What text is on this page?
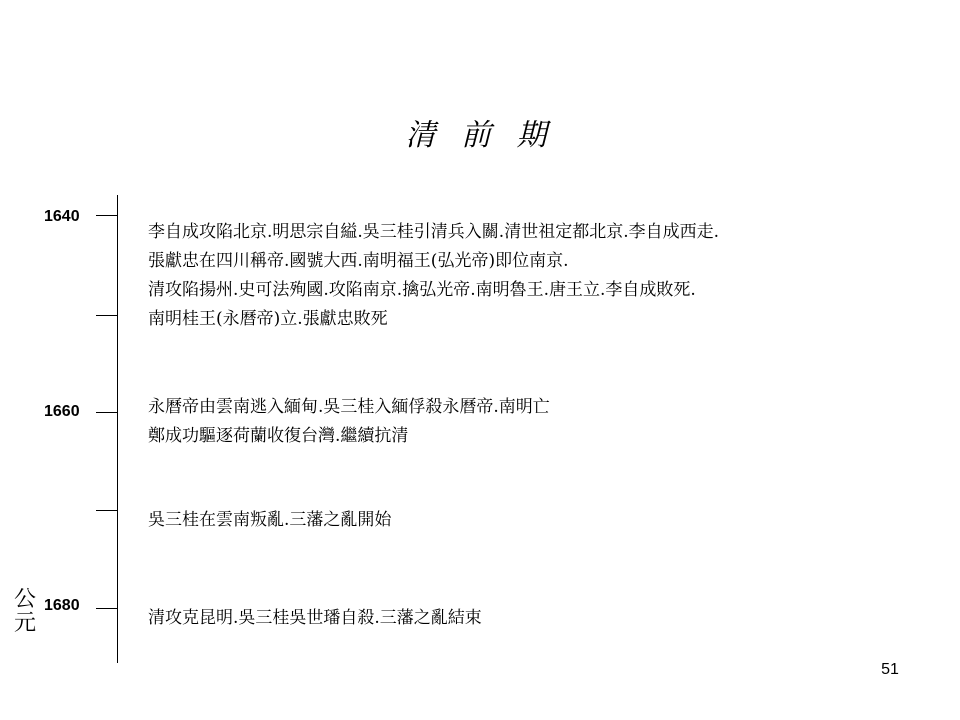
清 前 期
1640
1660
1680
公
元
李自成攻陷北京.明思宗自縊.吳三桂引清兵入關.清世祖定都北京.李自成西走.
張獻忠在四川稱帝.國號大西.南明福王(弘光帝)即位南京.
清攻陷揚州.史可法殉國.攻陷南京.擒弘光帝.南明魯王.唐王立.李自成敗死.
南明桂王(永曆帝)立.張獻忠敗死
永曆帝由雲南逃入緬甸.吳三桂入緬俘殺永曆帝.南明亡
鄭成功驅逐荷蘭收復台灣.繼續抗清
吳三桂在雲南叛亂.三藩之亂開始
清攻克昆明.吳三桂吳世璠自殺.三藩之亂結束
51
